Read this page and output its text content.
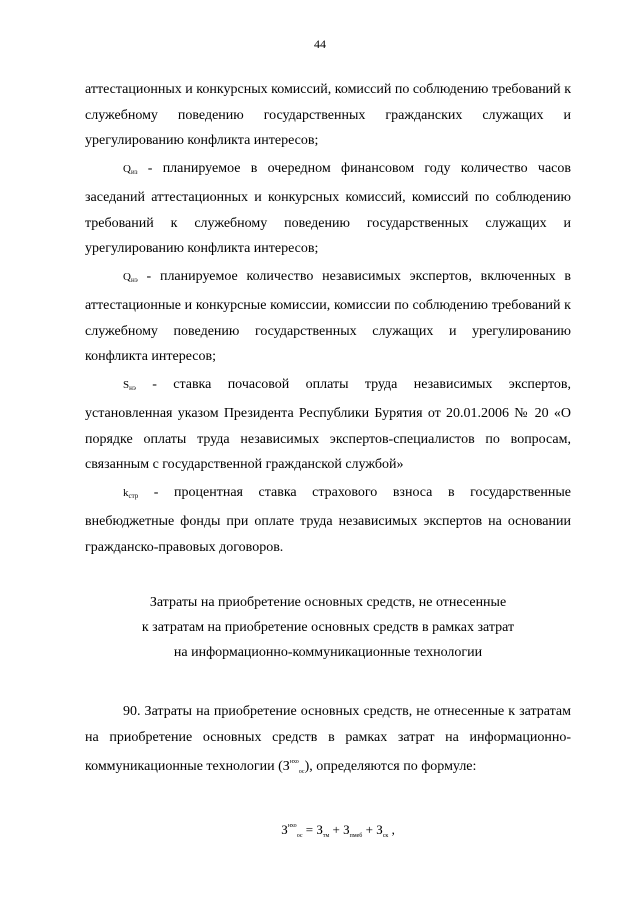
44
аттестационных и конкурсных комиссий, комиссий по соблюдению требований к служебному поведению государственных гражданских служащих и урегулированию конфликта интересов;
$Q_{из}$ - планируемое в очередном финансовом году количество часов заседаний аттестационных и конкурсных комиссий, комиссий по соблюдению требований к служебному поведению государственных служащих и урегулированию конфликта интересов;
$Q_{нэ}$ - планируемое количество независимых экспертов, включенных в аттестационные и конкурсные комиссии, комиссии по соблюдению требований к служебному поведению государственных служащих и урегулированию конфликта интересов;
$S_{нэ}$ - ставка почасовой оплаты труда независимых экспертов, установленная указом Президента Республики Бурятия от 20.01.2006 № 20 «О порядке оплаты труда независимых экспертов-специалистов по вопросам, связанным с государственной гражданской службой»
$k_{стр}$ - процентная ставка страхового взноса в государственные внебюджетные фонды при оплате труда независимых экспертов на основании гражданско-правовых договоров.
Затраты на приобретение основных средств, не отнесенные
к затратам на приобретение основных средств в рамках затрат
на информационно-коммуникационные технологии
90. Затраты на приобретение основных средств, не отнесенные к затратам на приобретение основных средств в рамках затрат на информационно-коммуникационные технологии $(З^{нхо}_{ос})$, определяются по формуле:
$З^{нхо}_{ос} = З_{тм} + З_{пмеб} + З_{ск}$ ,
